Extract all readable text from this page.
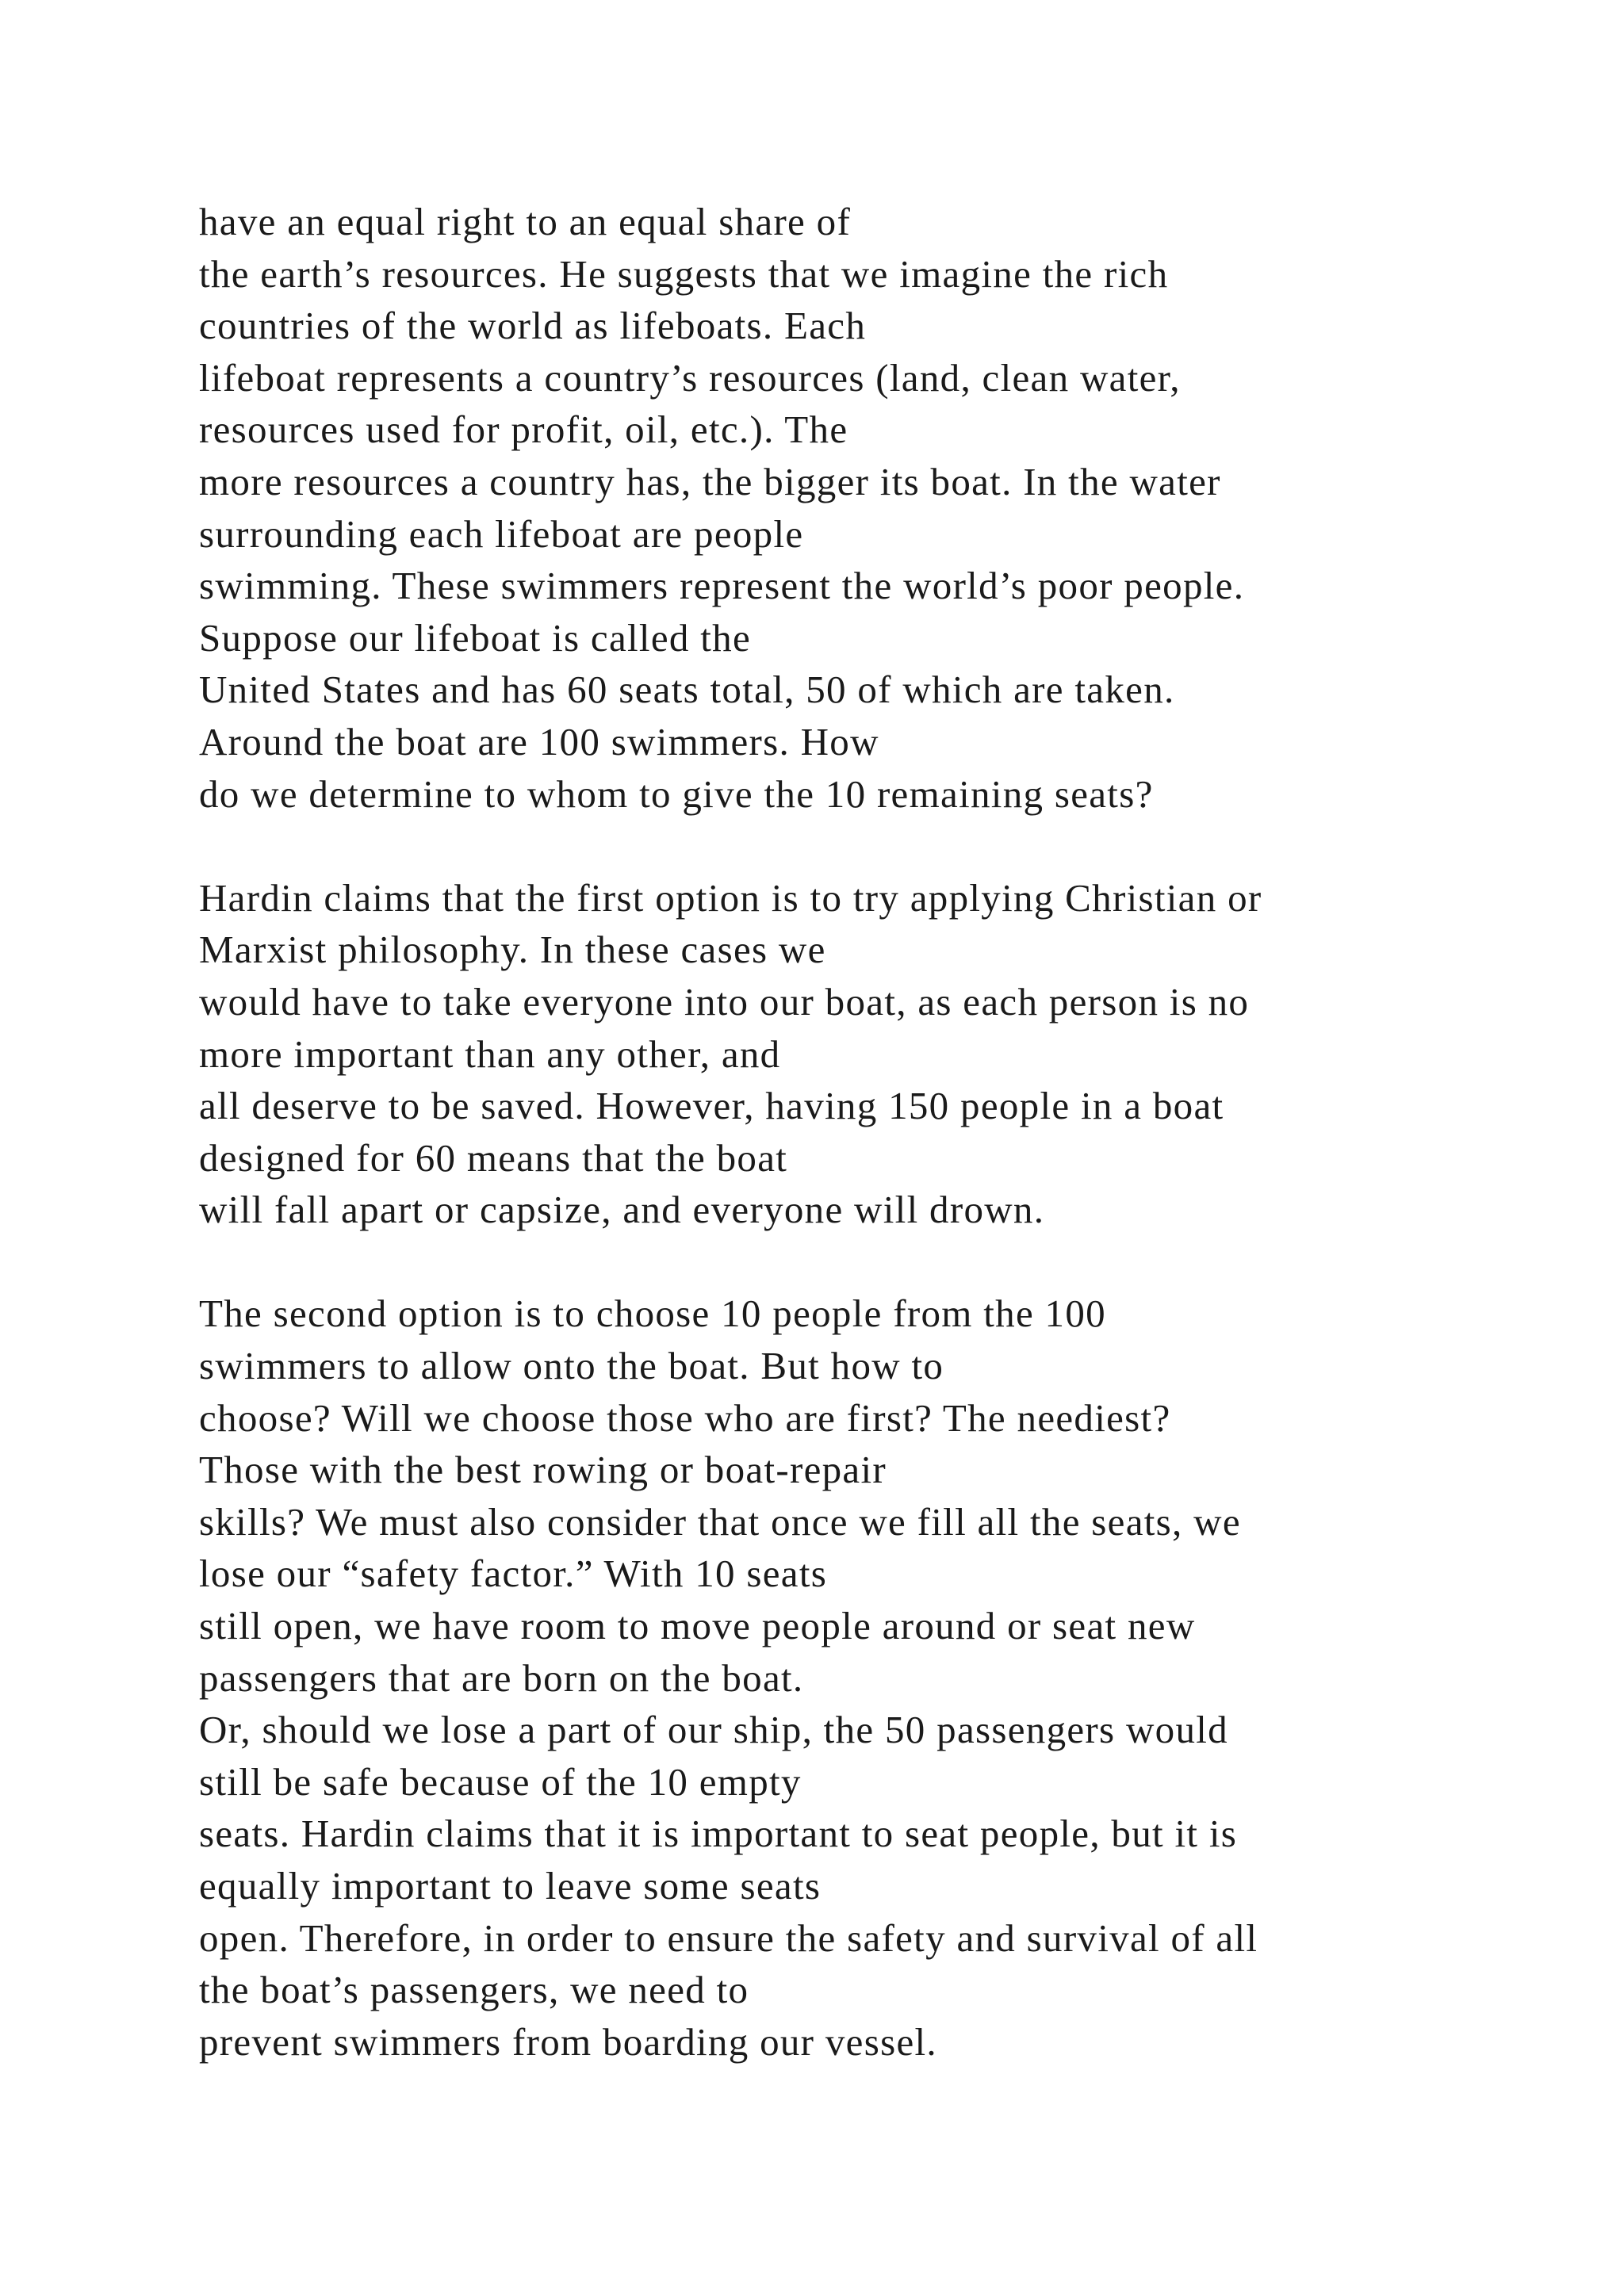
have an equal right to an equal share of
the earth’s resources. He suggests that we imagine the rich
countries of the world as lifeboats. Each
lifeboat represents a country’s resources (land, clean water,
resources used for profit, oil, etc.). The
more resources a country has, the bigger its boat. In the water
surrounding each lifeboat are people
swimming. These swimmers represent the world’s poor people.
Suppose our lifeboat is called the
United States and has 60 seats total, 50 of which are taken.
Around the boat are 100 swimmers. How
do we determine to whom to give the 10 remaining seats?
Hardin claims that the first option is to try applying Christian or
Marxist philosophy. In these cases we
would have to take everyone into our boat, as each person is no
more important than any other, and
all deserve to be saved. However, having 150 people in a boat
designed for 60 means that the boat
will fall apart or capsize, and everyone will drown.
The second option is to choose 10 people from the 100
swimmers to allow onto the boat. But how to
choose? Will we choose those who are first? The neediest?
Those with the best rowing or boat-repair
skills? We must also consider that once we fill all the seats, we
lose our “safety factor.” With 10 seats
still open, we have room to move people around or seat new
passengers that are born on the boat.
Or, should we lose a part of our ship, the 50 passengers would
still be safe because of the 10 empty
seats. Hardin claims that it is important to seat people, but it is
equally important to leave some seats
open. Therefore, in order to ensure the safety and survival of all
the boat’s passengers, we need to
prevent swimmers from boarding our vessel.
